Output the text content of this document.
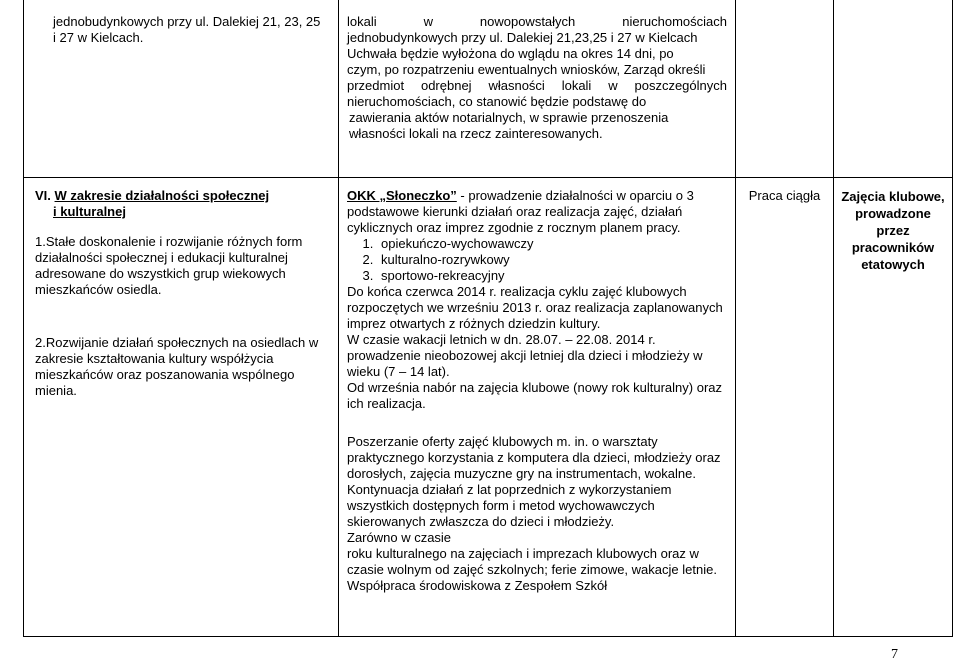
jednobudynkowych przy ul. Dalekiej 21, 23, 25 i 27 w Kielcach.

lokali w nowopowstałych nieruchomościach

jednobudynkowych przy ul. Dalekiej 21,23,25 i 27 w Kielcach

Uchwała będzie wyłożona do wglądu na okres 14 dni, po

czym, po rozpatrzeniu ewentualnych wniosków, Zarząd określi

przedmiot odrębnej własności lokali w poszczególnych

nieruchomościach, co stanowić będzie podstawę do

zawierania aktów notarialnych, w sprawie przenoszenia

własności lokali na rzecz zainteresowanych.

VI. W zakresie działalności społecznej

i kulturalnej

1.Stałe doskonalenie i rozwijanie różnych form działalności społecznej i edukacji kulturalnej adresowane do wszystkich grup wiekowych mieszkańców osiedla.

2.Rozwijanie działań społecznych na osiedlach w zakresie kształtowania kultury współżycia mieszkańców oraz poszanowania wspólnego mienia.

OKK „Słoneczko” - prowadzenie działalności w oparciu o 3 podstawowe kierunki działań oraz realizacja zajęć, działań cyklicznych oraz imprez zgodnie z rocznym planem pracy.

1. opiekuńczo-wychowawczy
2. kulturalno-rozrywkowy
3. sportowo-rekreacyjny

Do końca czerwca 2014 r. realizacja cyklu zajęć klubowych rozpoczętych we wrześniu 2013 r. oraz realizacja zaplanowanych imprez otwartych z różnych dziedzin kultury.

W czasie wakacji letnich w dn. 28.07. – 22.08. 2014 r. prowadzenie nieobozowej akcji letniej dla dzieci i młodzieży w wieku (7 – 14 lat).

Od września nabór na zajęcia klubowe (nowy rok kulturalny) oraz ich realizacja.

Poszerzanie oferty zajęć klubowych m. in. o warsztaty praktycznego korzystania z komputera dla dzieci, młodzieży oraz dorosłych, zajęcia muzyczne gry na instrumentach, wokalne.

Kontynuacja działań z lat poprzednich z wykorzystaniem wszystkich dostępnych form i metod wychowawczych skierowanych zwłaszcza do dzieci i młodzieży.

Zarówno w czasie

roku kulturalnego na zajęciach i imprezach klubowych oraz w czasie wolnym od zajęć szkolnych; ferie zimowe, wakacje letnie.

Współpraca środowiskowa z Zespołem Szkół

Praca ciągła	Zajęcia klubowe, prowadzone przez pracowników etatowych

7
